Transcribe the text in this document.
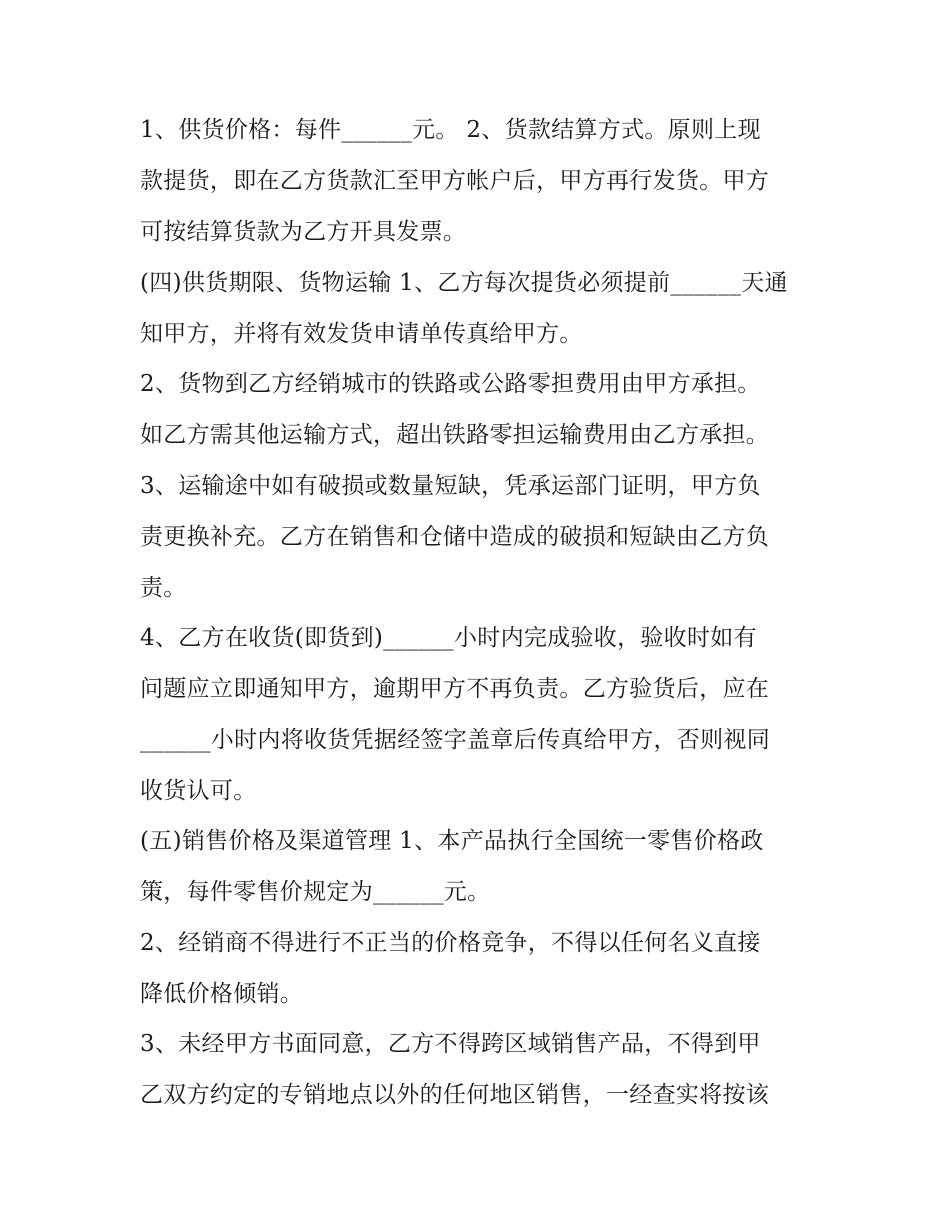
1、供货价格：每件______元。 2、货款结算方式。原则上现
款提货，即在乙方货款汇至甲方帐户后，甲方再行发货。甲方
可按结算货款为乙方开具发票。
(四)供货期限、货物运输 1、乙方每次提货必须提前______天通
知甲方，并将有效发货申请单传真给甲方。
2、货物到乙方经销城市的铁路或公路零担费用由甲方承担。
如乙方需其他运输方式，超出铁路零担运输费用由乙方承担。
3、运输途中如有破损或数量短缺，凭承运部门证明，甲方负
责更换补充。乙方在销售和仓储中造成的破损和短缺由乙方负
责。
4、乙方在收货(即货到)______小时内完成验收，验收时如有
问题应立即通知甲方，逾期甲方不再负责。乙方验货后，应在
______小时内将收货凭据经签字盖章后传真给甲方，否则视同
收货认可。
(五)销售价格及渠道管理 1、本产品执行全国统一零售价格政
策，每件零售价规定为______元。
2、经销商不得进行不正当的价格竞争，不得以任何名义直接
降低价格倾销。
3、未经甲方书面同意，乙方不得跨区域销售产品，不得到甲
乙双方约定的专销地点以外的任何地区销售，一经查实将按该
